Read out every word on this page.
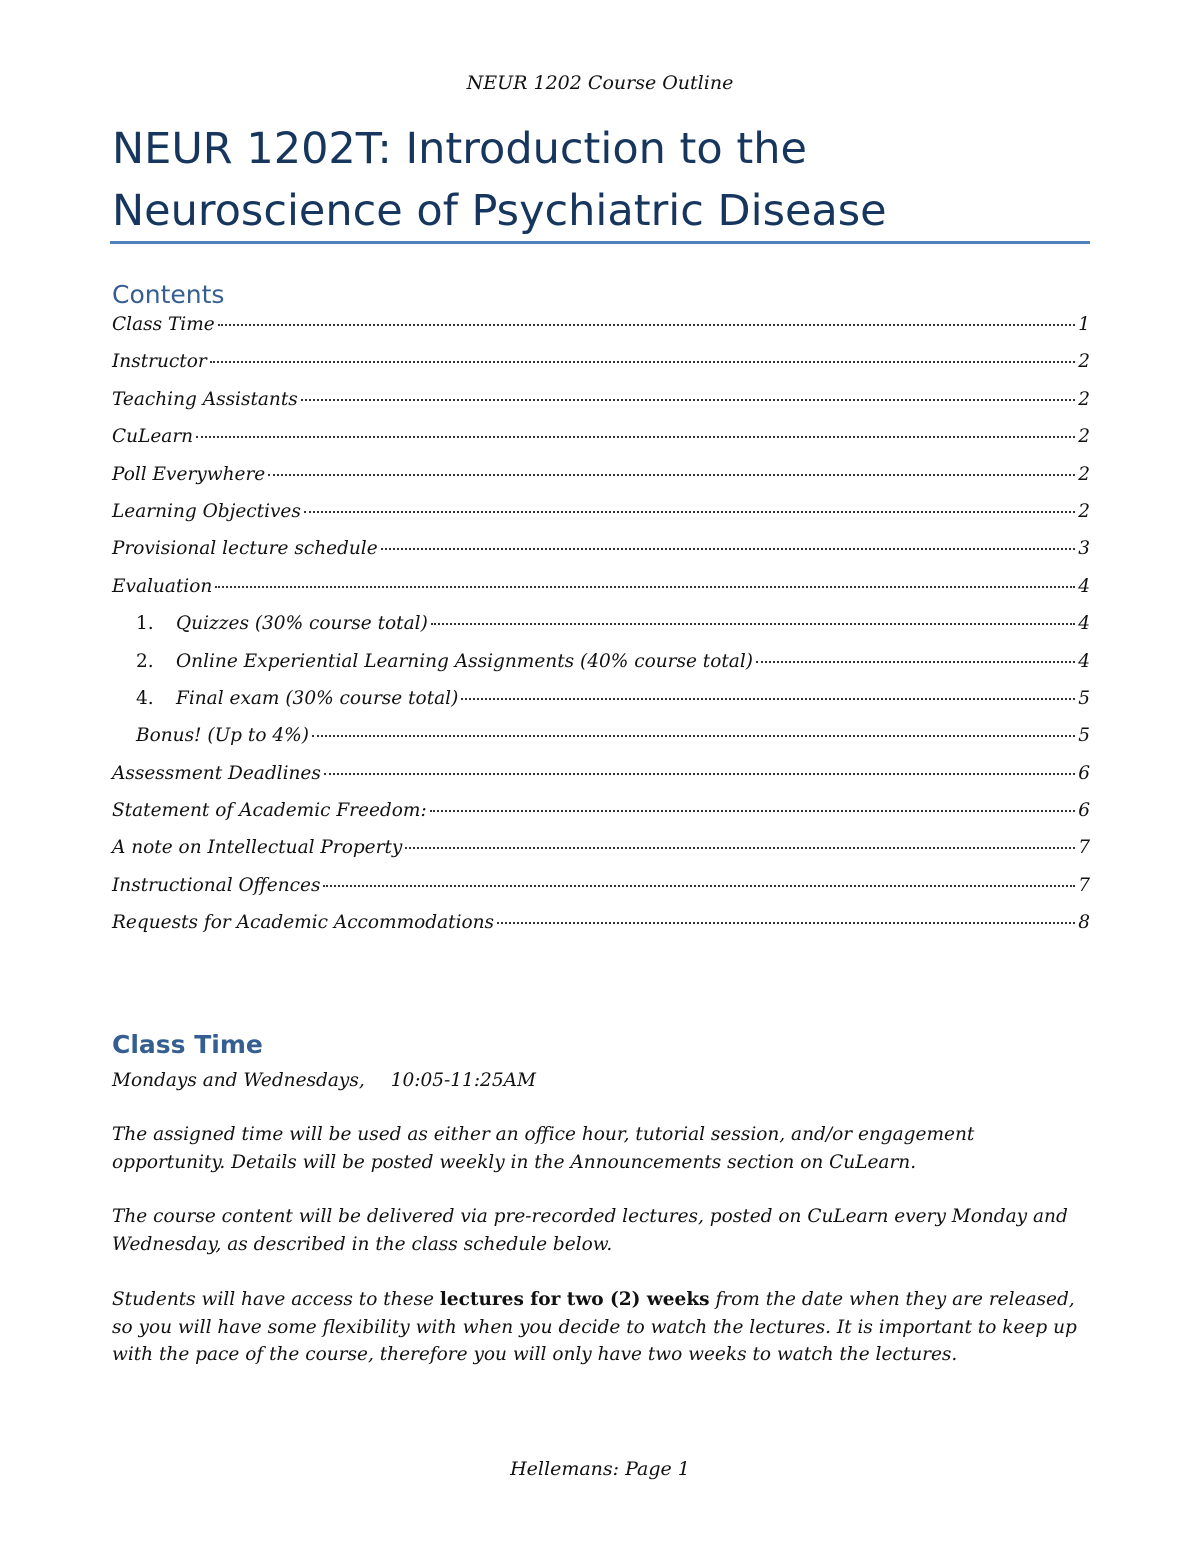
NEUR 1202 Course Outline
NEUR 1202T: Introduction to the
Neuroscience of Psychiatric Disease
Contents
Class Time	1
Instructor	2
Teaching Assistants	2
CuLearn	2
Poll Everywhere	2
Learning Objectives	2
Provisional lecture schedule	3
Evaluation	4
1.	Quizzes (30% course total)	4
2.	Online Experiential Learning Assignments (40% course total)	4
4.	Final exam (30% course total)	5
Bonus! (Up to 4%)	5
Assessment Deadlines	6
Statement of Academic Freedom:	6
A note on Intellectual Property	7
Instructional Offences	7
Requests for Academic Accommodations	8
Class Time

Mondays and Wednesdays, 10:05-11:25AM

The assigned time will be used as either an office hour, tutorial session, and/or engagement opportunity. Details will be posted weekly in the Announcements section on CuLearn.

The course content will be delivered via pre-recorded lectures, posted on CuLearn every Monday and Wednesday, as described in the class schedule below.

Students will have access to these lectures for two (2) weeks from the date when they are released, so you will have some flexibility with when you decide to watch the lectures. It is important to keep up with the pace of the course, therefore you will only have two weeks to watch the lectures.

Hellemans: Page 1
